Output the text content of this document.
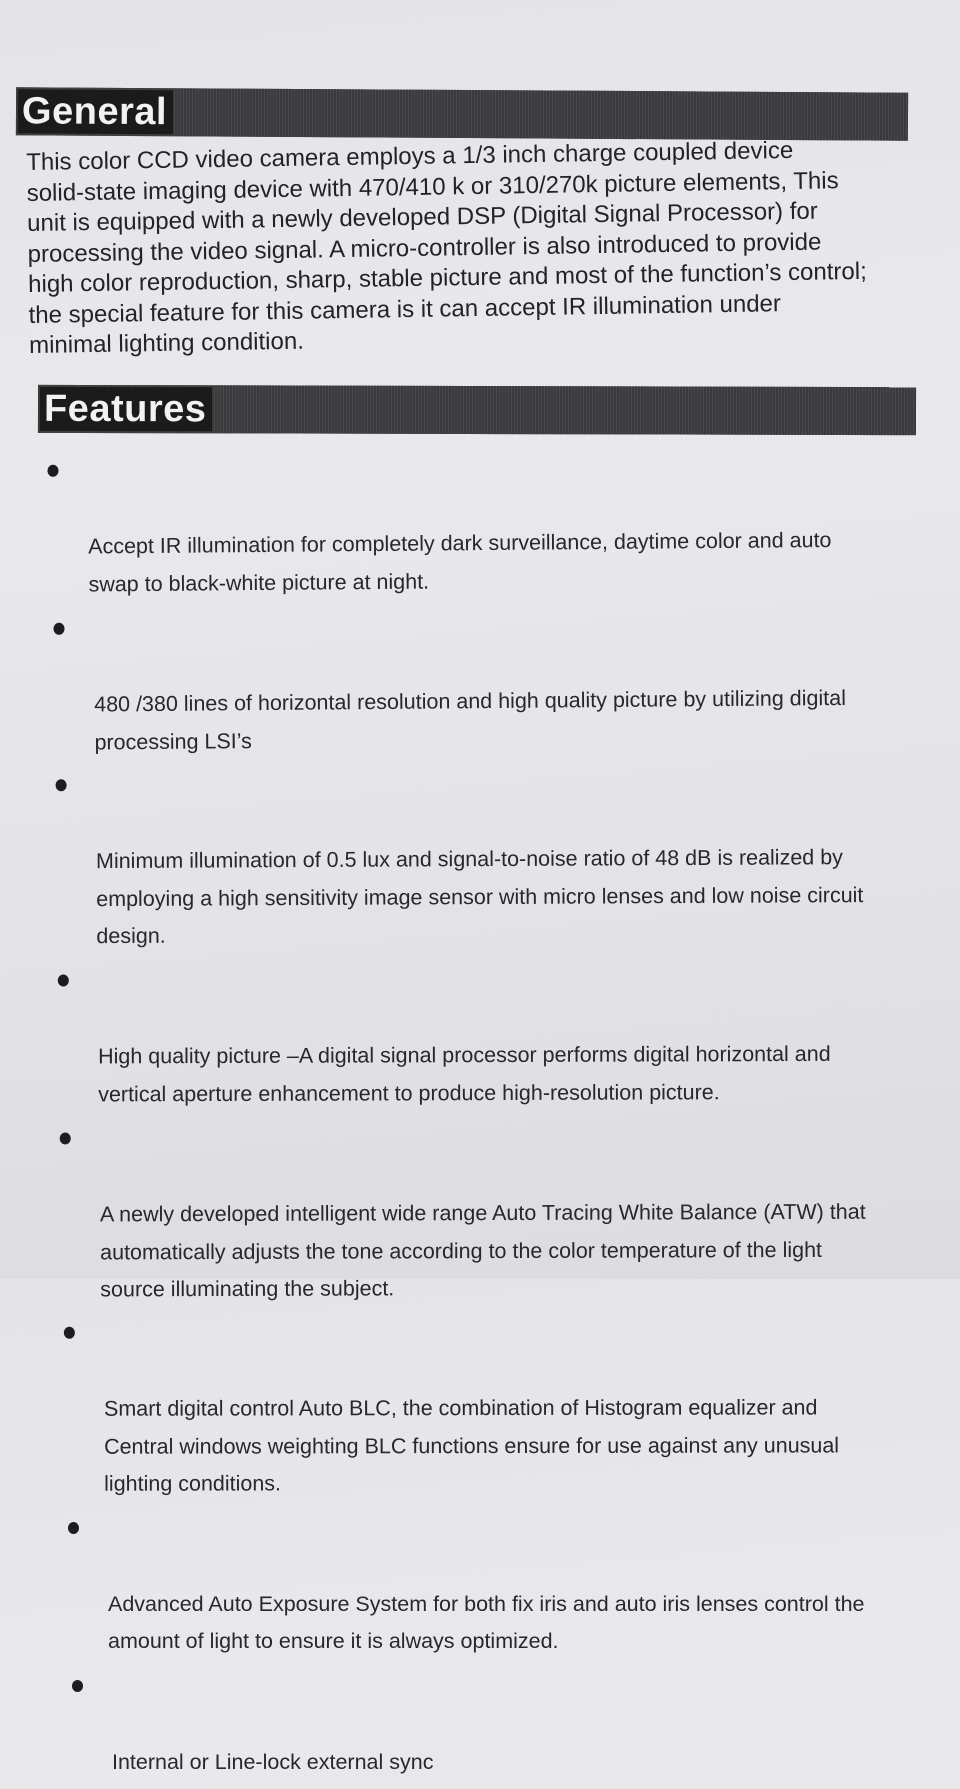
General
This color CCD video camera employs a 1/3 inch charge coupled device
solid-state imaging device with 470/410 k or 310/270k picture elements, This
unit is equipped with a newly developed DSP (Digital Signal Processor) for
processing the video signal. A micro-controller is also introduced to provide
high color reproduction, sharp, stable picture and most of the function’s control;
the special feature for this camera is it can accept IR illumination under
minimal lighting condition.
Features

Accept IR illumination for completely dark surveillance, daytime color and auto
swap to black-white picture at night.

480 /380 lines of horizontal resolution and high quality picture by utilizing digital
processing LSI’s

Minimum illumination of 0.5 lux and signal-to-noise ratio of 48 dB is realized by
employing a high sensitivity image sensor with micro lenses and low noise circuit
design.

High quality picture –A digital signal processor performs digital horizontal and
vertical aperture enhancement to produce high-resolution picture.

A newly developed intelligent wide range Auto Tracing White Balance (ATW) that
automatically adjusts the tone according to the color temperature of the light
source illuminating the subject.

Smart digital control Auto BLC, the combination of Histogram equalizer and
Central windows weighting BLC functions ensure for use against any unusual
lighting conditions.

Advanced Auto Exposure System for both fix iris and auto iris lenses control the
amount of light to ensure it is always optimized.

Internal or Line-lock external sync
